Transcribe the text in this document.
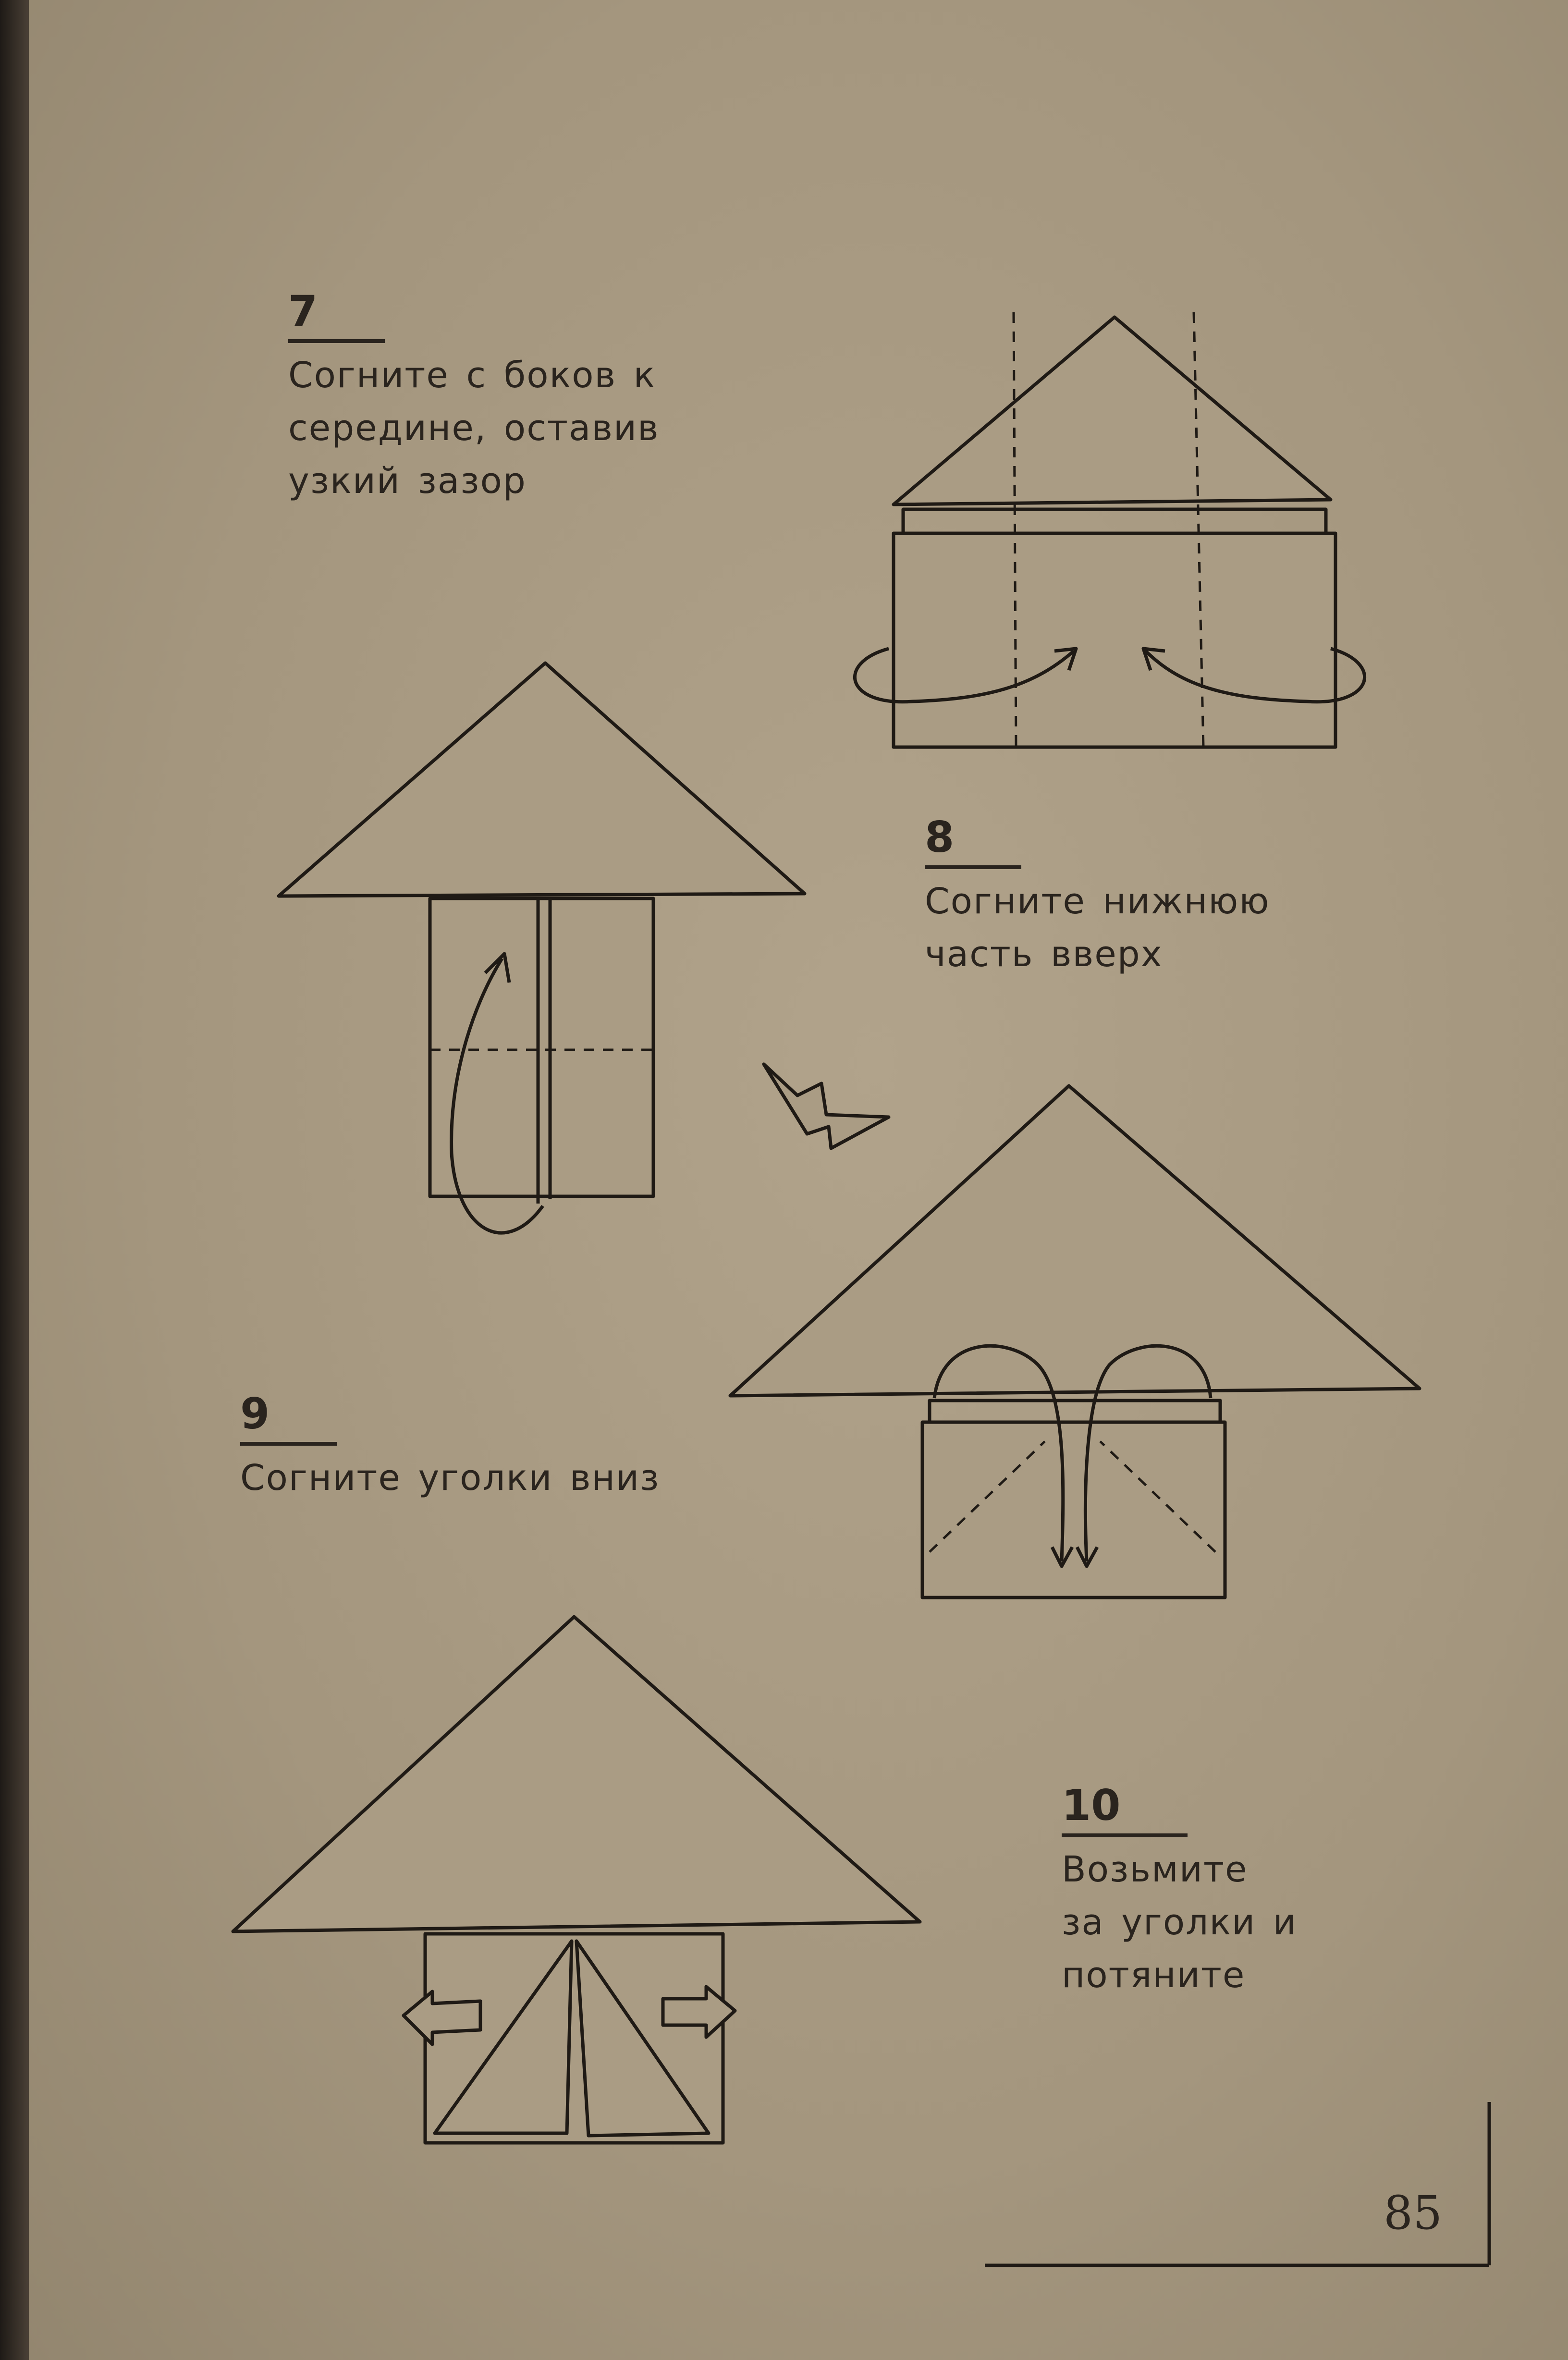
7
Согните с боков к
середине, оставив
узкий зазор
8
Согните нижнюю
часть вверх
9
Согните уголки вниз
10
Возьмите
за уголки и
потяните
85
